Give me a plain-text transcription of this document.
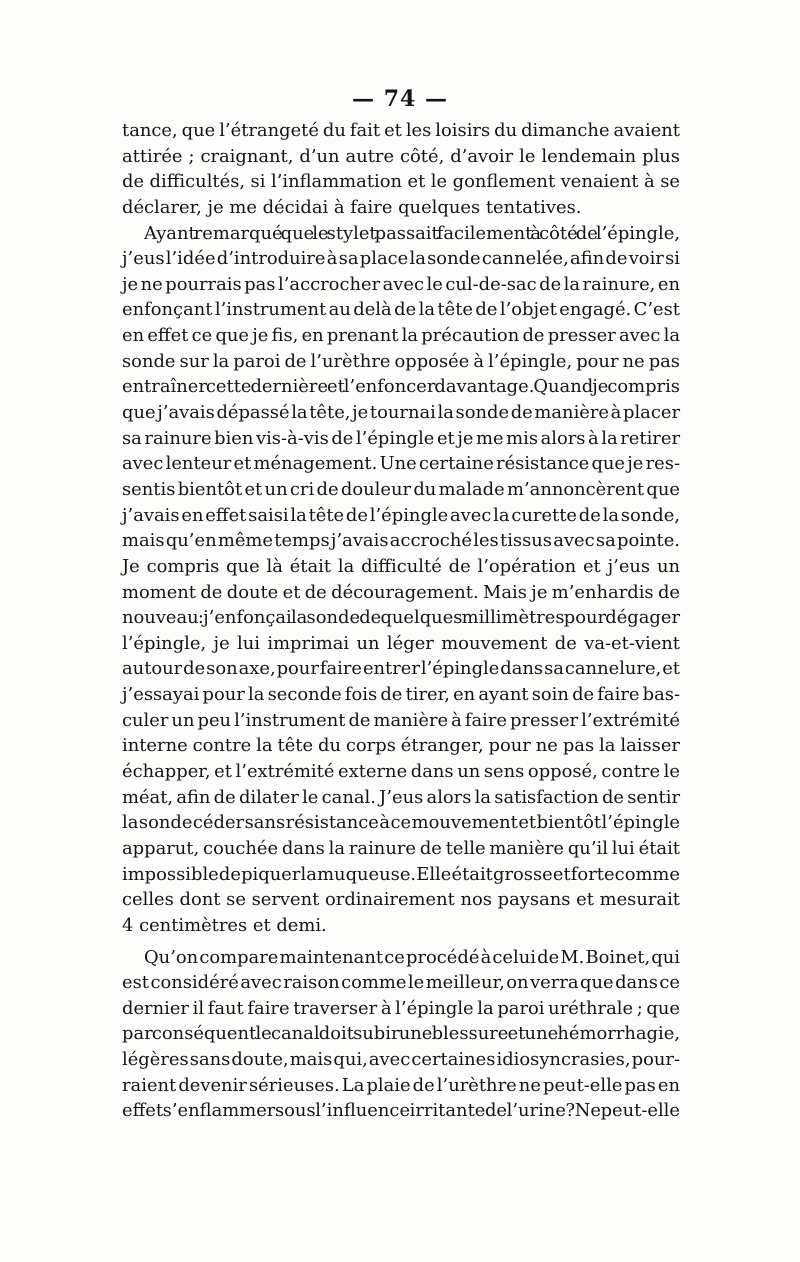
— 74 —
tance, que l’étrangeté du fait et les loisirs du dimanche avaient
attirée ; craignant, d’un autre côté, d’avoir le lendemain plus
de difficultés, si l’inflammation et le gonflement venaient à se
déclarer, je me décidai à faire quelques tentatives.
Ayant remarqué que le stylet passait facilement à côté de l’épingle,
j’eus l’idée d’introduire à sa place la sonde cannelée, afin de voir si
je ne pourrais pas l’accrocher avec le cul-de-sac de la rainure, en
enfonçant l’instrument au delà de la tête de l’objet engagé. C’est
en effet ce que je fis, en prenant la précaution de presser avec la
sonde sur la paroi de l’urèthre opposée à l’épingle, pour ne pas
entraîner cette dernière et l’enfoncer davantage. Quand je compris
que j’avais dépassé la tête, je tournai la sonde de manière à placer
sa rainure bien vis-à-vis de l’épingle et je me mis alors à la retirer
avec lenteur et ménagement. Une certaine résistance que je res-
sentis bientôt et un cri de douleur du malade m’annoncèrent que
j’avais en effet saisi la tête de l’épingle avec la curette de la sonde,
mais qu’en même temps j’avais accroché les tissus avec sa pointe.
Je compris que là était la difficulté de l’opération et j’eus un
moment de doute et de découragement. Mais je m’enhardis de
nouveau : j’enfonçai la sonde de quelques millimètres pour dégager
l’épingle, je lui imprimai un léger mouvement de va-et-vient
autour de son axe, pour faire entrer l’épingle dans sa cannelure, et
j’essayai pour la seconde fois de tirer, en ayant soin de faire bas-
culer un peu l’instrument de manière à faire presser l’extrémité
interne contre la tête du corps étranger, pour ne pas la laisser
échapper, et l’extrémité externe dans un sens opposé, contre le
méat, afin de dilater le canal. J’eus alors la satisfaction de sentir
la sonde céder sans résistance à ce mouvement et bientôt l’épingle
apparut, couchée dans la rainure de telle manière qu’il lui était
impossible de piquer la muqueuse. Elle était grosse et forte comme
celles dont se servent ordinairement nos paysans et mesurait
4 centimètres et demi.
Qu’on compare maintenant ce procédé à celui de M. Boinet, qui
est considéré avec raison comme le meilleur, on verra que dans ce
dernier il faut faire traverser à l’épingle la paroi uréthrale ; que
par conséquent le canal doit subir une blessure et une hémorrhagie,
légères sans doute, mais qui, avec certaines idiosyncrasies, pour-
raient devenir sérieuses. La plaie de l’urèthre ne peut-elle pas en
effet s’enflammer sous l’influence irritante de l’urine ? Ne peut-elle
